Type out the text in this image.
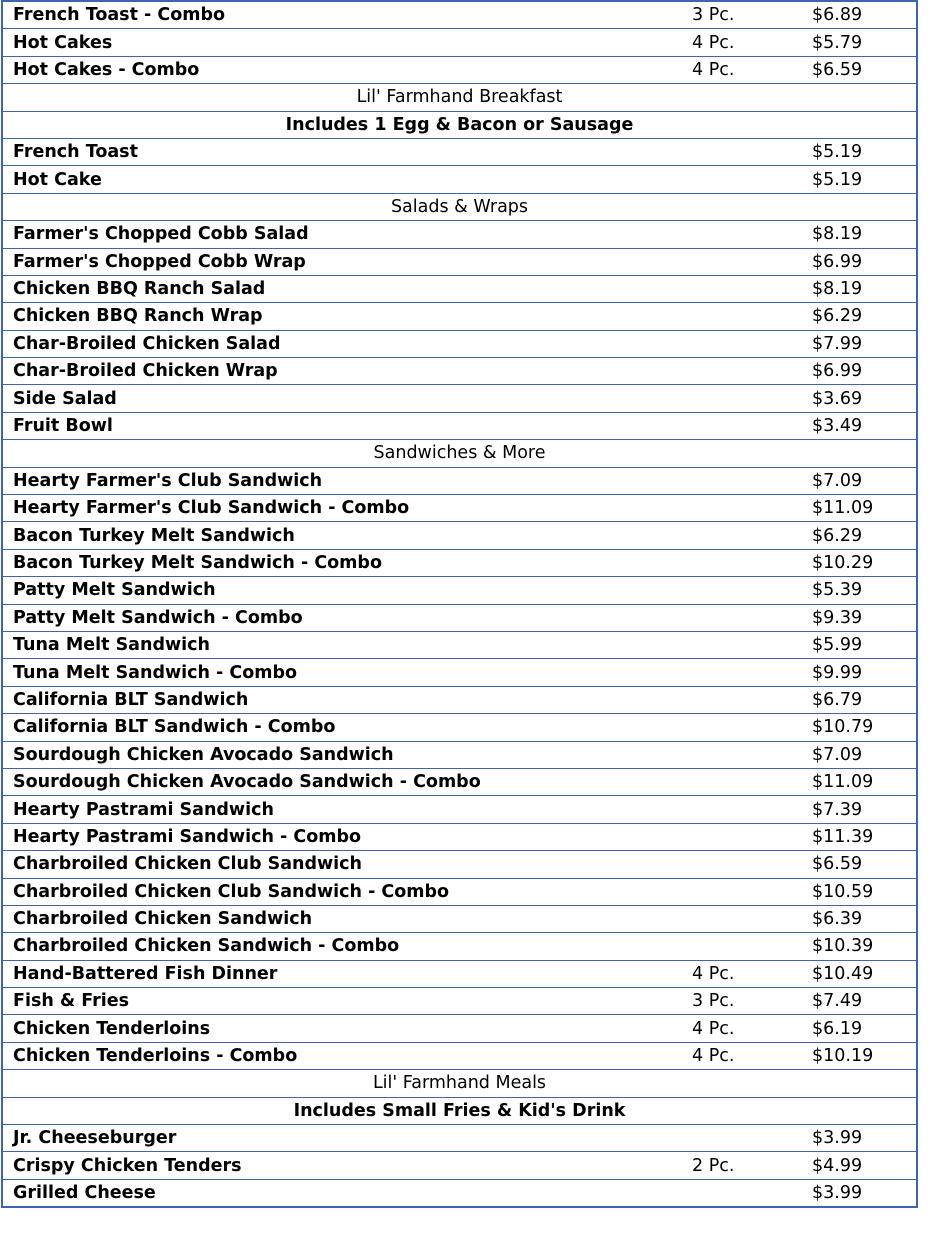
French Toast - Combo	3 Pc.	$6.89
Hot Cakes	4 Pc.	$5.79
Hot Cakes - Combo	4 Pc.	$6.59
Lil' Farmhand Breakfast		
Includes 1 Egg & Bacon or Sausage		
French Toast		$5.19
Hot Cake		$5.19
Salads & Wraps		
Farmer's Chopped Cobb Salad		$8.19
Farmer's Chopped Cobb Wrap		$6.99
Chicken BBQ Ranch Salad		$8.19
Chicken BBQ Ranch Wrap		$6.29
Char-Broiled Chicken Salad		$7.99
Char-Broiled Chicken Wrap		$6.99
Side Salad		$3.69
Fruit Bowl		$3.49
Sandwiches & More		
Hearty Farmer's Club Sandwich		$7.09
Hearty Farmer's Club Sandwich - Combo		$11.09
Bacon Turkey Melt Sandwich		$6.29
Bacon Turkey Melt Sandwich - Combo		$10.29
Patty Melt Sandwich		$5.39
Patty Melt Sandwich - Combo		$9.39
Tuna Melt Sandwich		$5.99
Tuna Melt Sandwich - Combo		$9.99
California BLT Sandwich		$6.79
California BLT Sandwich - Combo		$10.79
Sourdough Chicken Avocado Sandwich		$7.09
Sourdough Chicken Avocado Sandwich - Combo		$11.09
Hearty Pastrami Sandwich		$7.39
Hearty Pastrami Sandwich - Combo		$11.39
Charbroiled Chicken Club Sandwich		$6.59
Charbroiled Chicken Club Sandwich - Combo		$10.59
Charbroiled Chicken Sandwich		$6.39
Charbroiled Chicken Sandwich - Combo		$10.39
Hand-Battered Fish Dinner	4 Pc.	$10.49
Fish & Fries	3 Pc.	$7.49
Chicken Tenderloins	4 Pc.	$6.19
Chicken Tenderloins - Combo	4 Pc.	$10.19
Lil' Farmhand Meals		
Includes Small Fries & Kid's Drink		
Jr. Cheeseburger		$3.99
Crispy Chicken Tenders	2 Pc.	$4.99
Grilled Cheese		$3.99
